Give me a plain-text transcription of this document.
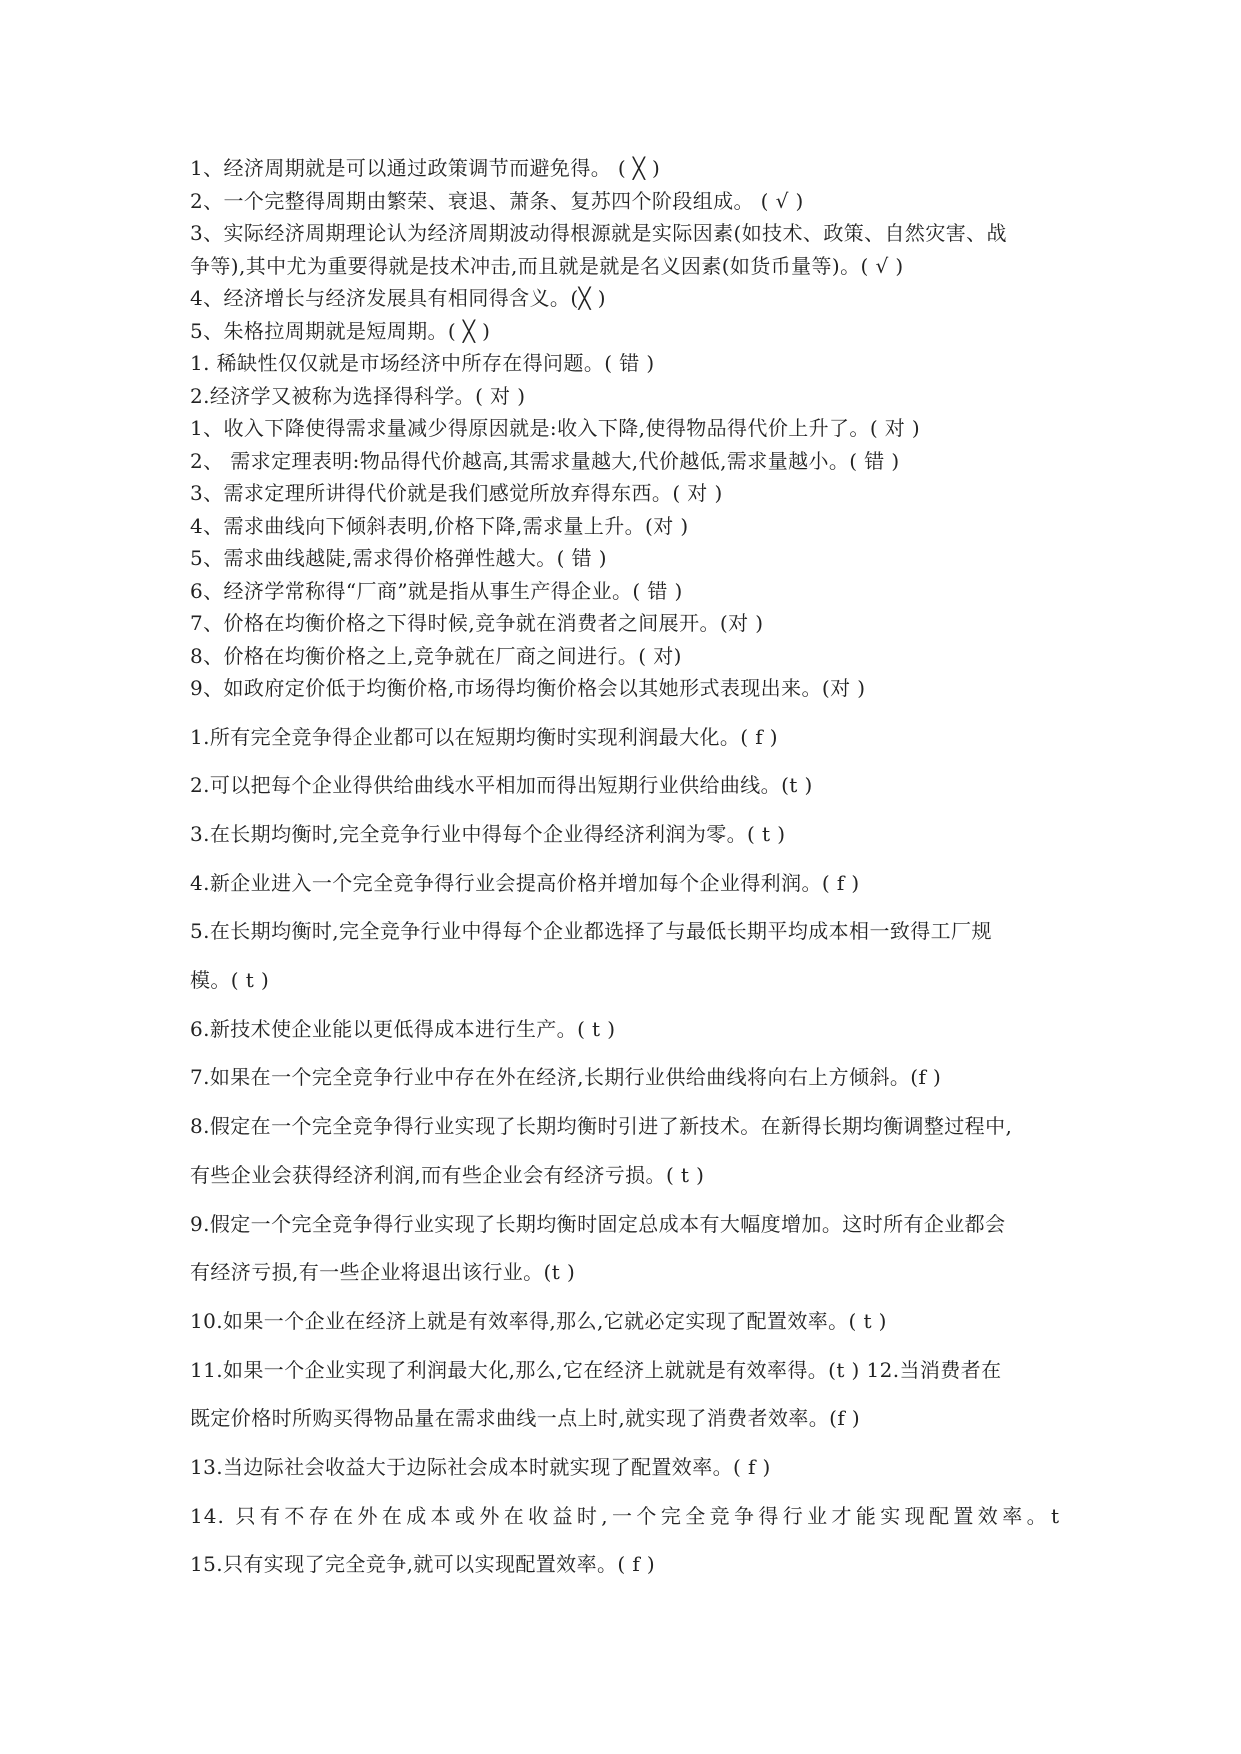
1、经济周期就是可以通过政策调节而避免得。 ( ╳ )
2、一个完整得周期由繁荣、衰退、萧条、复苏四个阶段组成。 ( √ )
3、实际经济周期理论认为经济周期波动得根源就是实际因素(如技术、政策、自然灾害、战
争等),其中尤为重要得就是技术冲击,而且就是就是名义因素(如货币量等)。( √ )
4、经济增长与经济发展具有相同得含义。(╳ )
5、朱格拉周期就是短周期。( ╳ )
1. 稀缺性仅仅就是市场经济中所存在得问题。( 错 )
2.经济学又被称为选择得科学。( 对 )
1、收入下降使得需求量减少得原因就是:收入下降,使得物品得代价上升了。( 对 )
2、 需求定理表明:物品得代价越高,其需求量越大,代价越低,需求量越小。( 错 )
3、需求定理所讲得代价就是我们感觉所放弃得东西。( 对 )
4、需求曲线向下倾斜表明,价格下降,需求量上升。(对 )
5、需求曲线越陡,需求得价格弹性越大。( 错 )
6、经济学常称得“厂商”就是指从事生产得企业。( 错 )
7、价格在均衡价格之下得时候,竞争就在消费者之间展开。(对 )
8、价格在均衡价格之上,竞争就在厂商之间进行。( 对)
9、如政府定价低于均衡价格,市场得均衡价格会以其她形式表现出来。(对 )
1.所有完全竞争得企业都可以在短期均衡时实现利润最大化。( f )
2.可以把每个企业得供给曲线水平相加而得出短期行业供给曲线。(t )
3.在长期均衡时,完全竞争行业中得每个企业得经济利润为零。( t )
4.新企业进入一个完全竞争得行业会提高价格并增加每个企业得利润。( f )
5.在长期均衡时,完全竞争行业中得每个企业都选择了与最低长期平均成本相一致得工厂规
模。( t )
6.新技术使企业能以更低得成本进行生产。( t )
7.如果在一个完全竞争行业中存在外在经济,长期行业供给曲线将向右上方倾斜。(f )
8.假定在一个完全竞争得行业实现了长期均衡时引进了新技术。在新得长期均衡调整过程中,
有些企业会获得经济利润,而有些企业会有经济亏损。( t )
9.假定一个完全竞争得行业实现了长期均衡时固定总成本有大幅度增加。这时所有企业都会
有经济亏损,有一些企业将退出该行业。(t )
10.如果一个企业在经济上就是有效率得,那么,它就必定实现了配置效率。( t )
11.如果一个企业实现了利润最大化,那么,它在经济上就就是有效率得。(t ) 12.当消费者在
既定价格时所购买得物品量在需求曲线一点上时,就实现了消费者效率。(f )
13.当边际社会收益大于边际社会成本时就实现了配置效率。( f )
14. 只有不存在外在成本或外在收益时,一个完全竞争得行业才能实现配置效率。t
15.只有实现了完全竞争,就可以实现配置效率。( f )
